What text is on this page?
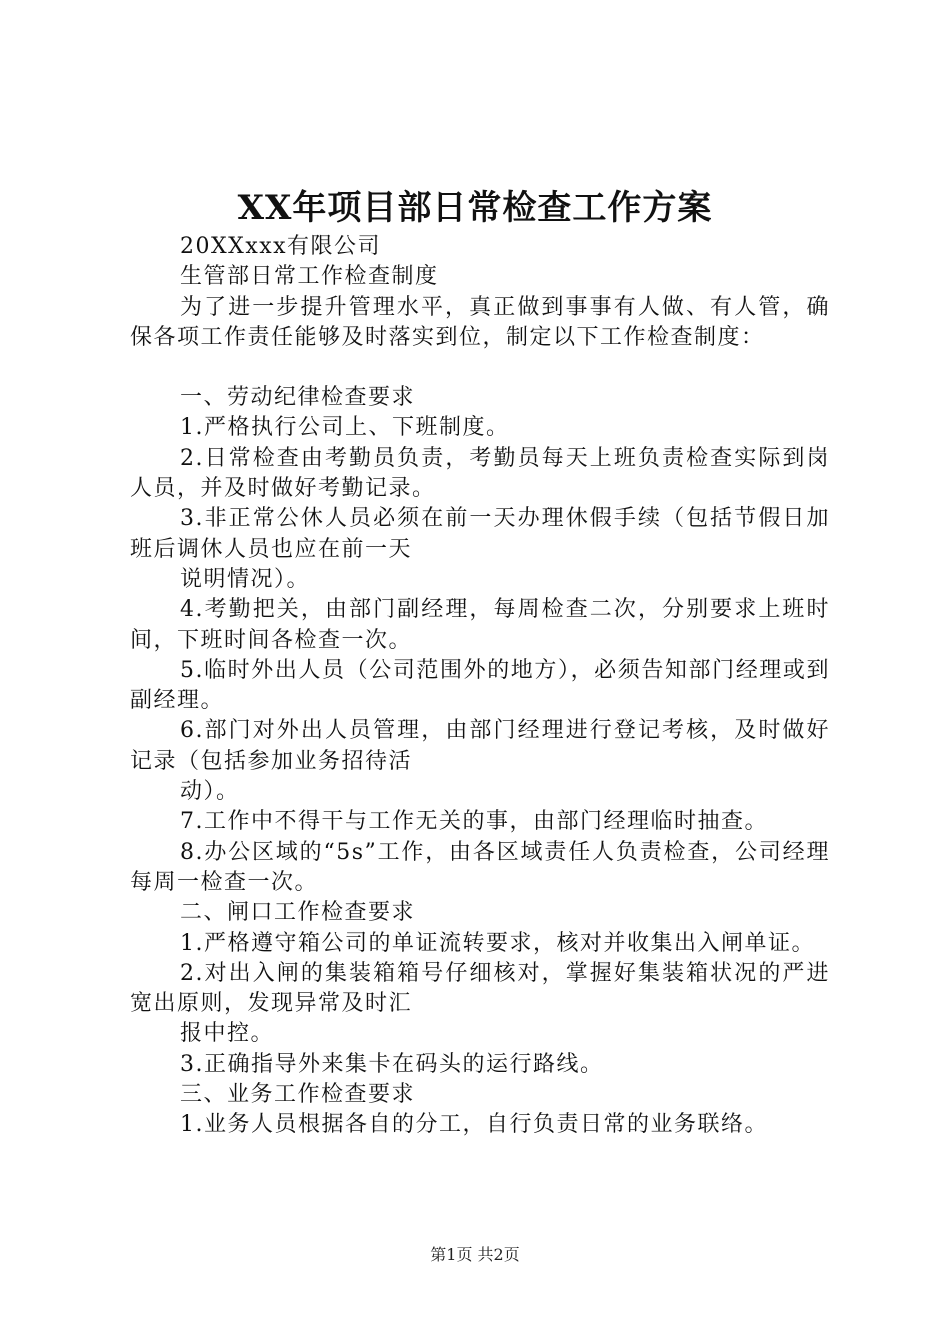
XX年项目部日常检查工作方案

20XXxxx有限公司

生管部日常工作检查制度

为了进一步提升管理水平，真正做到事事有人做、有人管，确保各项工作责任能够及时落实到位，制定以下工作检查制度：

一、劳动纪律检查要求

1.严格执行公司上、下班制度。

2.日常检查由考勤员负责，考勤员每天上班负责检查实际到岗人员，并及时做好考勤记录。

3.非正常公休人员必须在前一天办理休假手续（包括节假日加班后调休人员也应在前一天

说明情况）。

4.考勤把关，由部门副经理，每周检查二次，分别要求上班时间，下班时间各检查一次。

5.临时外出人员（公司范围外的地方），必须告知部门经理或到副经理。

6.部门对外出人员管理，由部门经理进行登记考核，及时做好记录（包括参加业务招待活

动）。

7.工作中不得干与工作无关的事，由部门经理临时抽查。

8.办公区域的“5s”工作，由各区域责任人负责检查，公司经理每周一检查一次。

二、闸口工作检查要求

1.严格遵守箱公司的单证流转要求，核对并收集出入闸单证。

2.对出入闸的集装箱箱号仔细核对，掌握好集装箱状况的严进宽出原则，发现异常及时汇

报中控。

3.正确指导外来集卡在码头的运行路线。

三、业务工作检查要求

1.业务人员根据各自的分工，自行负责日常的业务联络。

第1页 共2页
